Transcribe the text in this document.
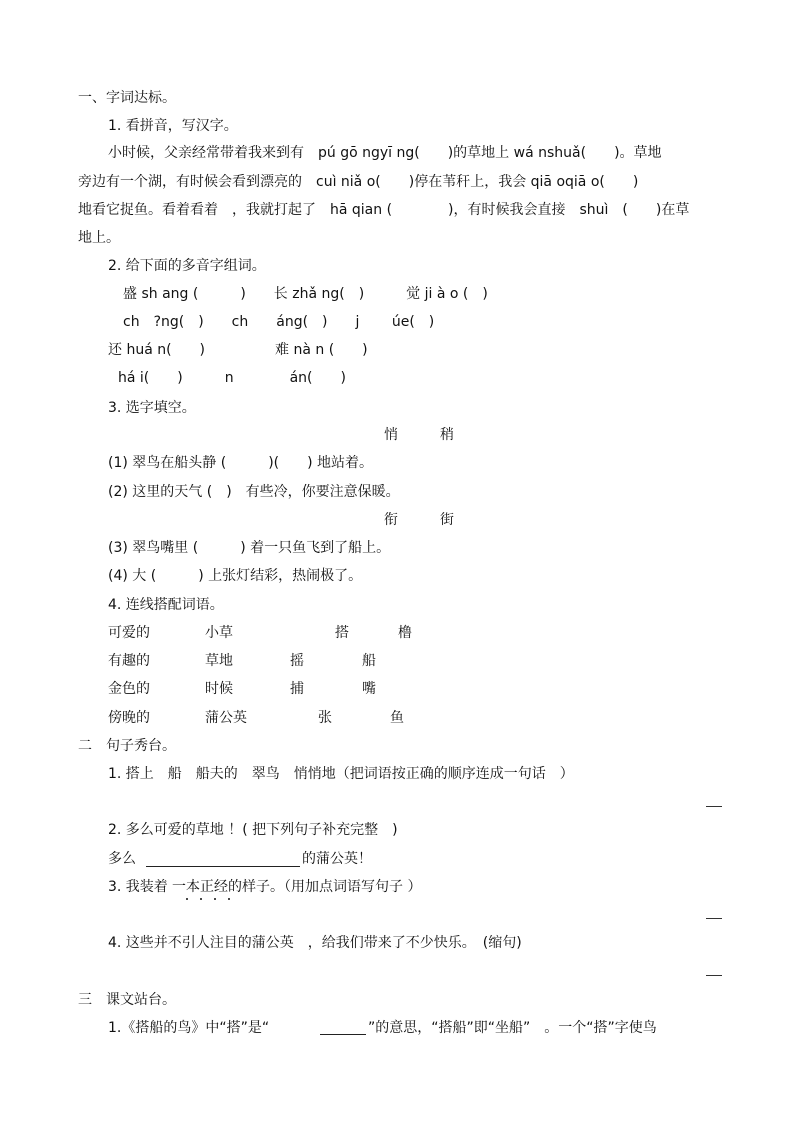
一、字词达标。
1. 看拼音，写汉字。
小时候，父亲经常带着我来到有　pú gō ngyī ng(　　)的草地上 wá nshuǎ(　　)。草地
旁边有一个湖，有时候会看到漂亮的　cuì niǎ o(　　)停在苇秆上，我会 qiā oqiā o(　　)
地看它捉鱼。看着看着　，我就打起了　hā qian (　　　　)，有时候我会直接　shuì　(　　)在草
地上。
2. 给下面的多音字组词。
盛 sh ang (　　　)　　长 zhǎ ng(　)　　　觉 ji à o (　)
ch　?ng(　)　　ch　　áng(　)　　j　　 úe(　)
还 huá n(　　)　　　　　难 nà n (　　)
há i(　　)　　　n　　　　án(　　)
3. 选字填空。
悄　　　稍
(1) 翠鸟在船头静 (　　　)(　　) 地站着。
(2) 这里的天气 (　)　有些冷，你要注意保暖。
衔　　　街
(3) 翠鸟嘴里 (　　　) 着一只鱼飞到了船上。
(4) 大 (　　　) 上张灯结彩，热闹极了。
4. 连线搭配词语。
可爱的	小草	搭	橹
有趣的	草地	摇	船
金色的	时候	捕	嘴
傍晚的	蒲公英	张	鱼
二　句子秀台。
1. 搭上　船　船夫的　翠鸟　悄悄地（把词语按正确的顺序连成一句话　）
2. 多么可爱的草地 ！( 把下列句子补充完整　)
多么	的蒲公英！
3. 我装着 一本正经 的样子。（用加点词语写句子 ）
4. 这些并不引人注目的蒲公英　，给我们带来了不少快乐。　(缩句)
三　课文站台。
1.《搭船的鸟》中“搭”是“	”的意思，“搭船”即“坐船”　。一个“搭”字使鸟
